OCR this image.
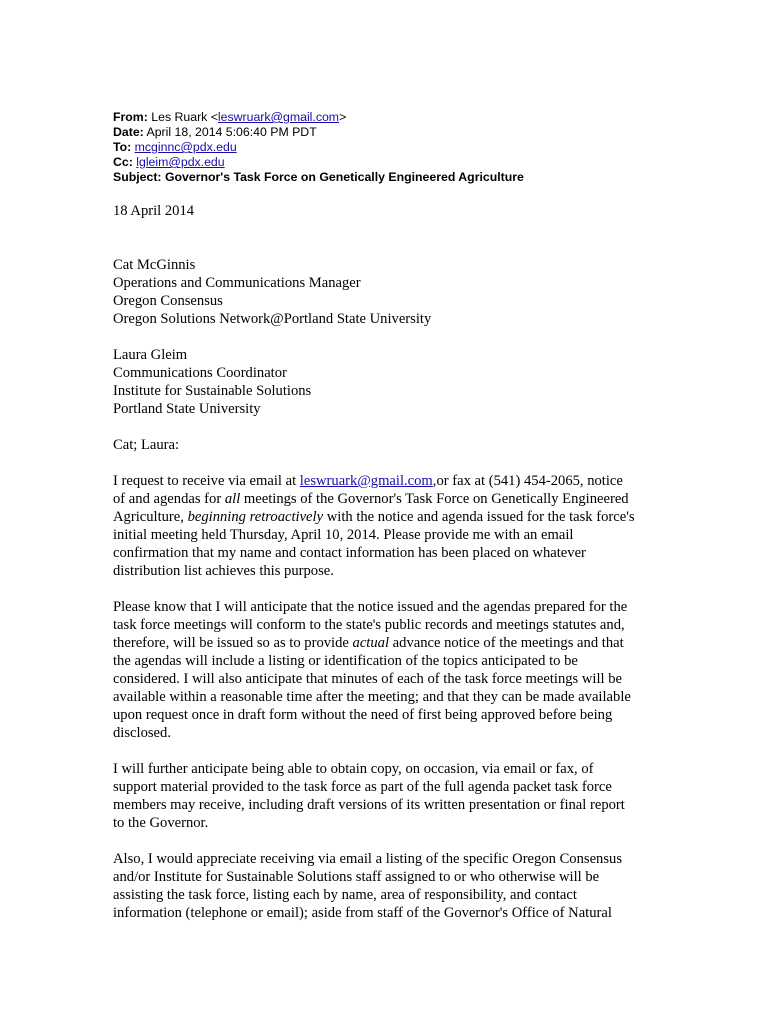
From: Les Ruark <leswruark@gmail.com>
Date: April 18, 2014 5:06:40 PM PDT
To: mcginnc@pdx.edu
Cc: lgleim@pdx.edu
Subject: Governor's Task Force on Genetically Engineered Agriculture

18 April 2014

Cat McGinnis
Operations and Communications Manager
Oregon Consensus
Oregon Solutions Network@Portland State University
Laura Gleim
Communications Coordinator
Institute for Sustainable Solutions
Portland State University

Cat; Laura:

I request to receive via email at leswruark@gmail.com,or fax at (541) 454-2065, notice
of and agendas for all meetings of the Governor's Task Force on Genetically Engineered
Agriculture, beginning retroactively with the notice and agenda issued for the task force's
initial meeting held Thursday, April 10, 2014. Please provide me with an email
confirmation that my name and contact information has been placed on whatever
distribution list achieves this purpose.

Please know that I will anticipate that the notice issued and the agendas prepared for the
task force meetings will conform to the state's public records and meetings statutes and,
therefore, will be issued so as to provide actual advance notice of the meetings and that
the agendas will include a listing or identification of the topics anticipated to be
considered. I will also anticipate that minutes of each of the task force meetings will be
available within a reasonable time after the meeting; and that they can be made available
upon request once in draft form without the need of first being approved before being
disclosed.

I will further anticipate being able to obtain copy, on occasion, via email or fax, of
support material provided to the task force as part of the full agenda packet task force
members may receive, including draft versions of its written presentation or final report
to the Governor.

Also, I would appreciate receiving via email a listing of the specific Oregon Consensus
and/or Institute for Sustainable Solutions staff assigned to or who otherwise will be
assisting the task force, listing each by name, area of responsibility, and contact
information (telephone or email); aside from staff of the Governor's Office of Natural
